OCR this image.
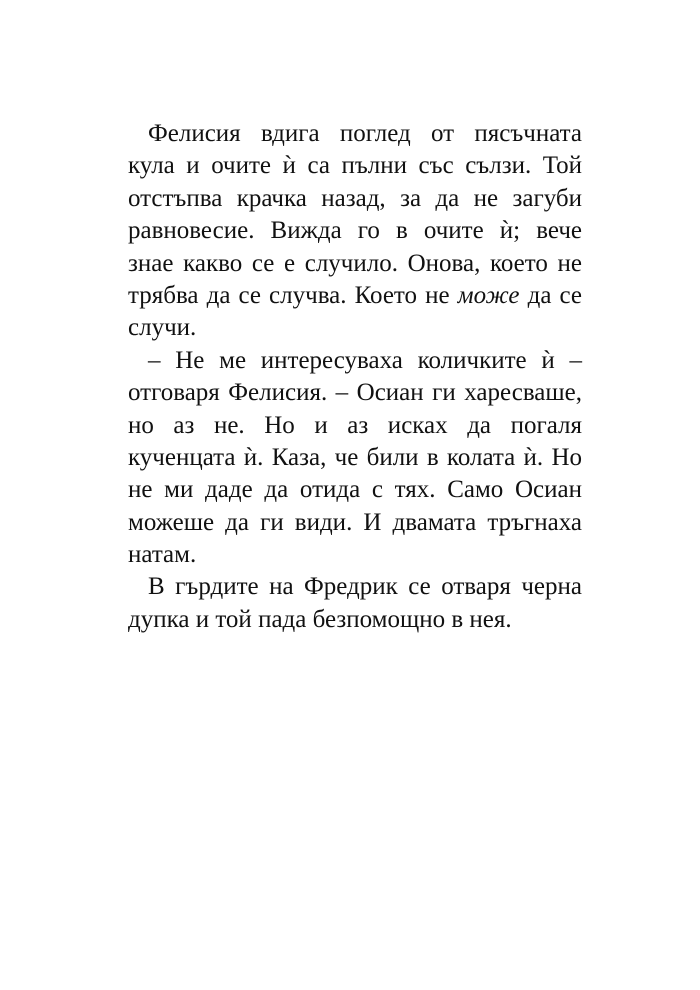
Фелисия вдига поглед от пясъчната
кула и очите ѝ са пълни със сълзи. Той
отстъпва крачка назад, за да не загуби
равновесие. Вижда го в очите ѝ; вече
знае какво се е случило. Онова, което не
трябва да се случва. Което не може да се
случи.
– Не ме интересуваха количките ѝ –
отговаря Фелисия. – Осиан ги харесваше,
но аз не. Но и аз исках да погаля
кученцата ѝ. Каза, че били в колата ѝ. Но
не ми даде да отида с тях. Само Осиан
можеше да ги види. И двамата тръгнаха
натам.
В гърдите на Фредрик се отваря черна
дупка и той пада безпомощно в нея.
